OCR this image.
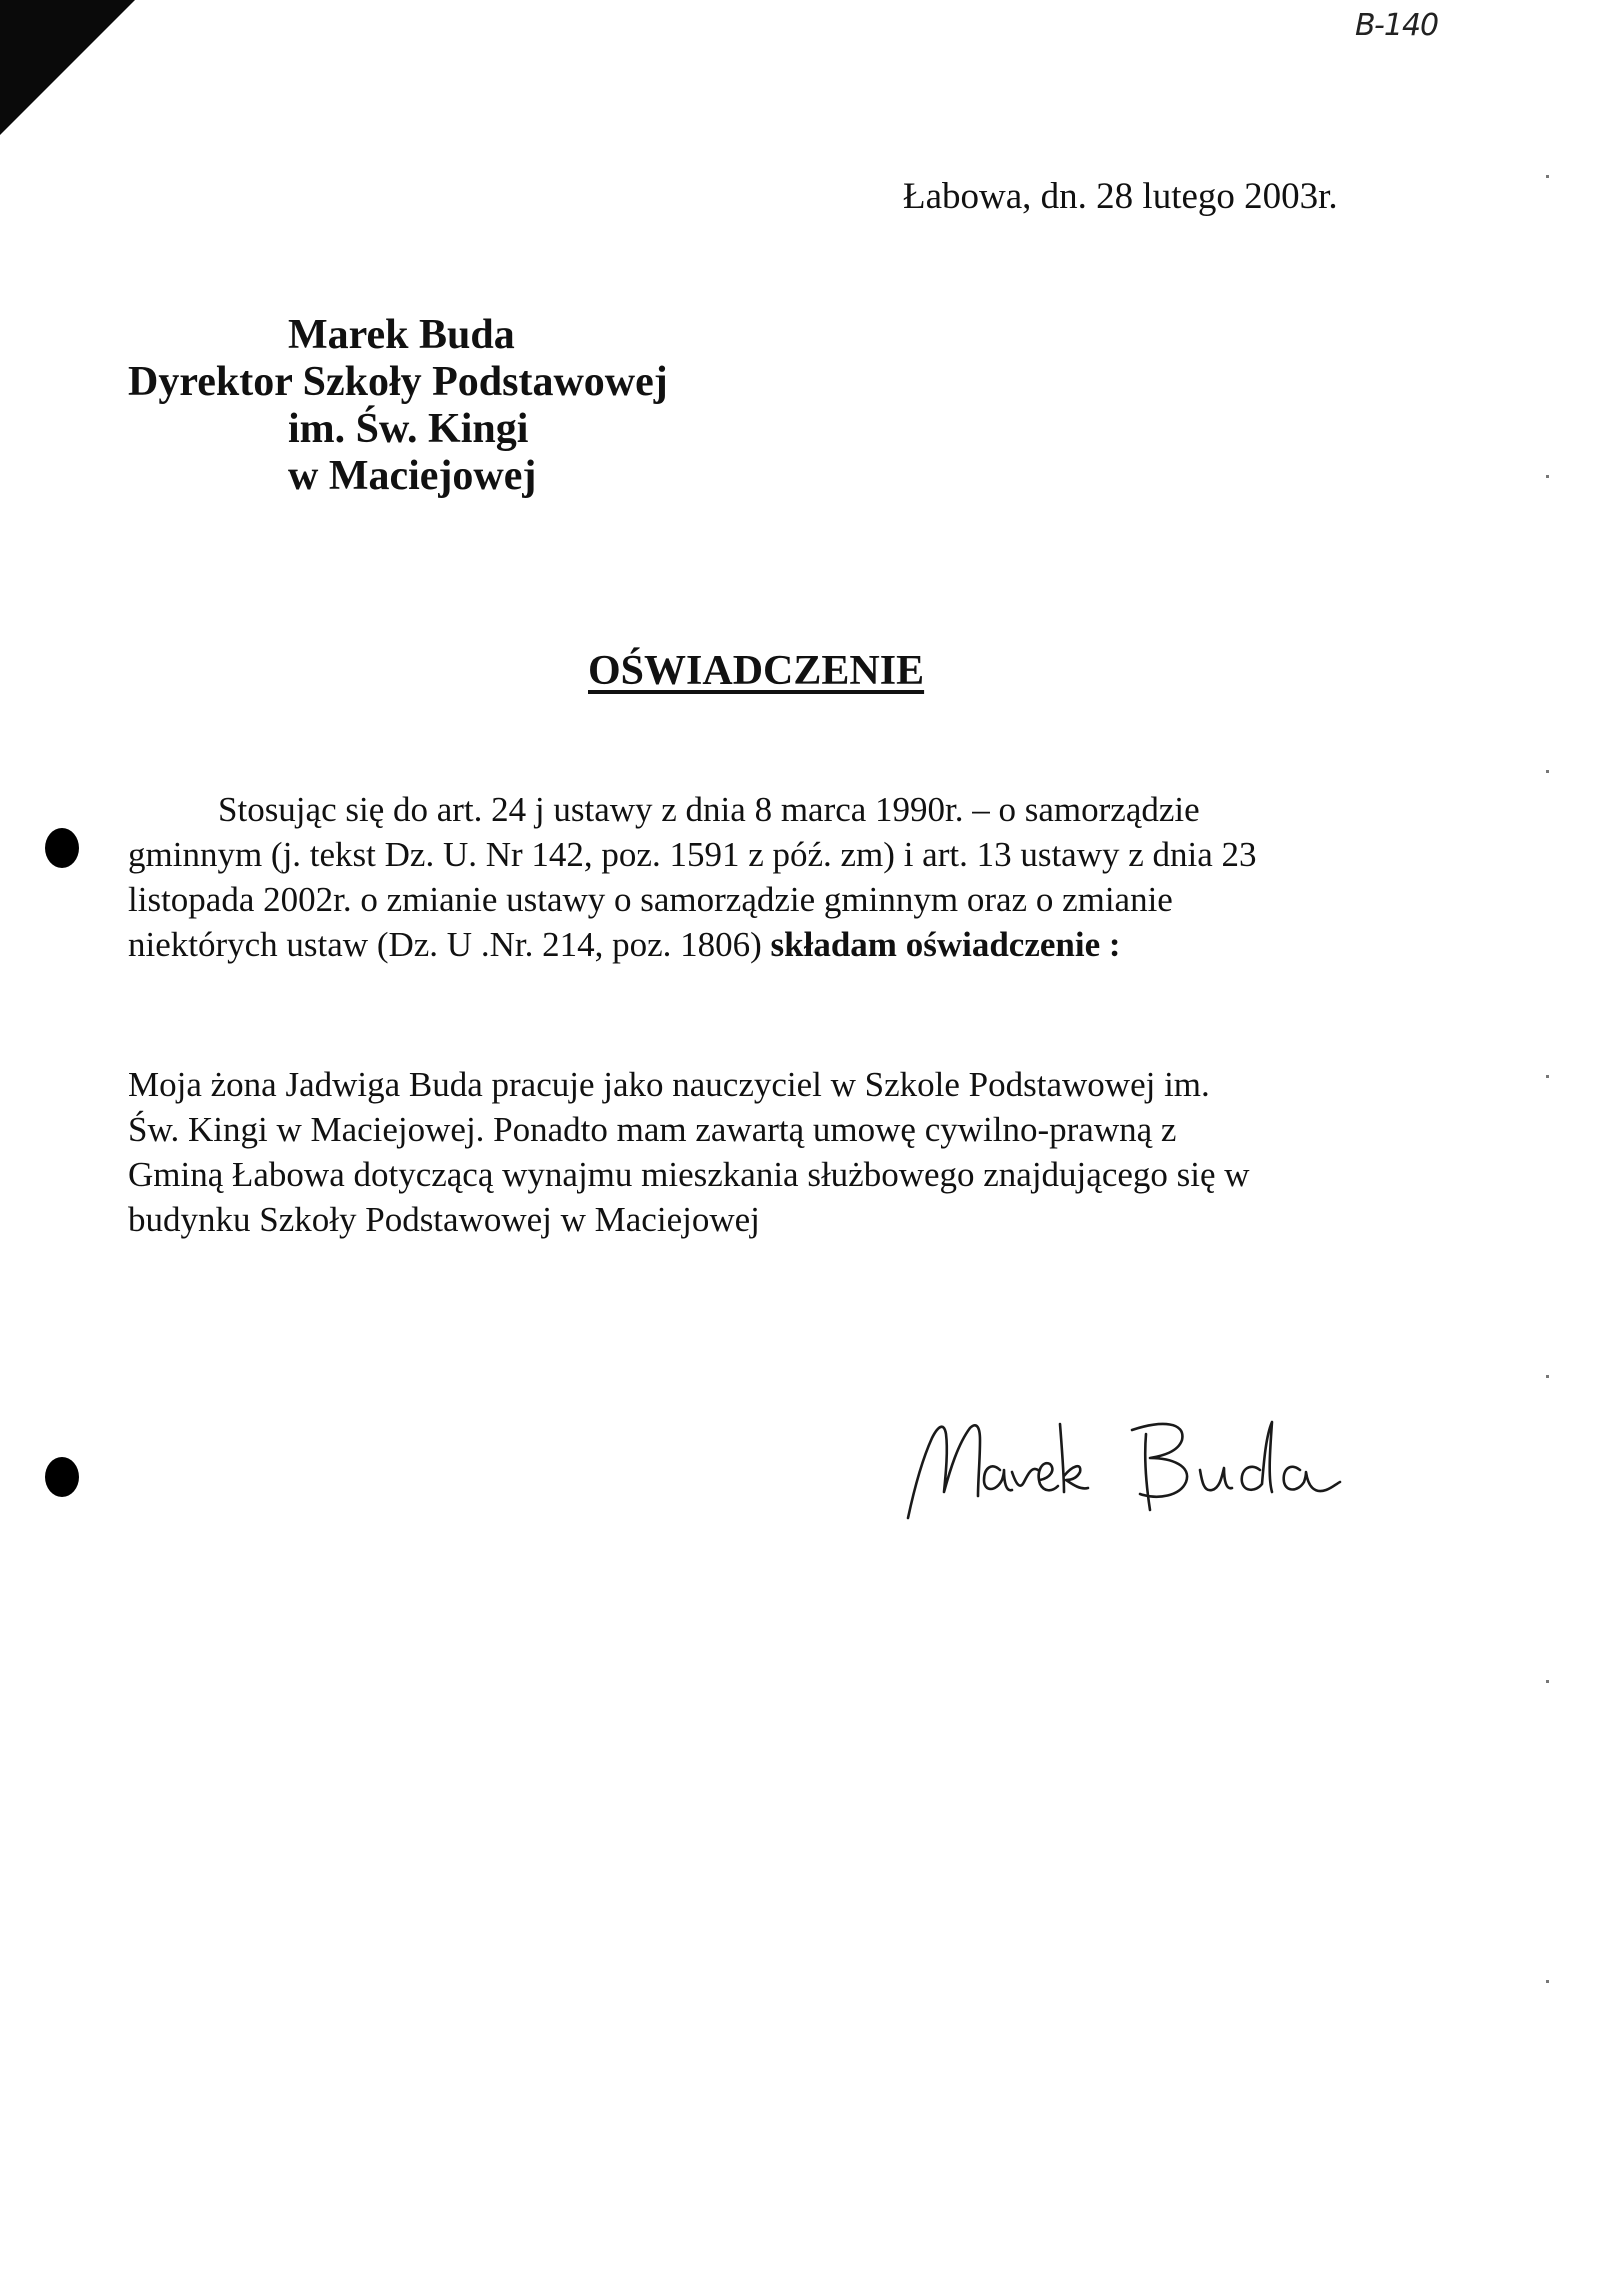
B-140
Łabowa, dn. 28 lutego 2003r.
Marek Buda
Dyrektor Szkoły Podstawowej
im. Św. Kingi
w Maciejowej
OŚWIADCZENIE
Stosując się do art. 24 j ustawy z dnia 8 marca 1990r. – o samorządzie
gminnym (j. tekst Dz. U. Nr 142, poz. 1591 z póź. zm) i art. 13 ustawy z dnia 23
listopada 2002r. o zmianie ustawy o samorządzie gminnym oraz o zmianie
niektórych ustaw (Dz. U .Nr. 214, poz. 1806) składam oświadczenie :
Moja żona Jadwiga Buda pracuje jako nauczyciel w Szkole Podstawowej im.
Św. Kingi w Maciejowej. Ponadto mam zawartą umowę cywilno-prawną z
Gminą Łabowa dotyczącą wynajmu mieszkania służbowego znajdującego się w
budynku Szkoły Podstawowej w Maciejowej
